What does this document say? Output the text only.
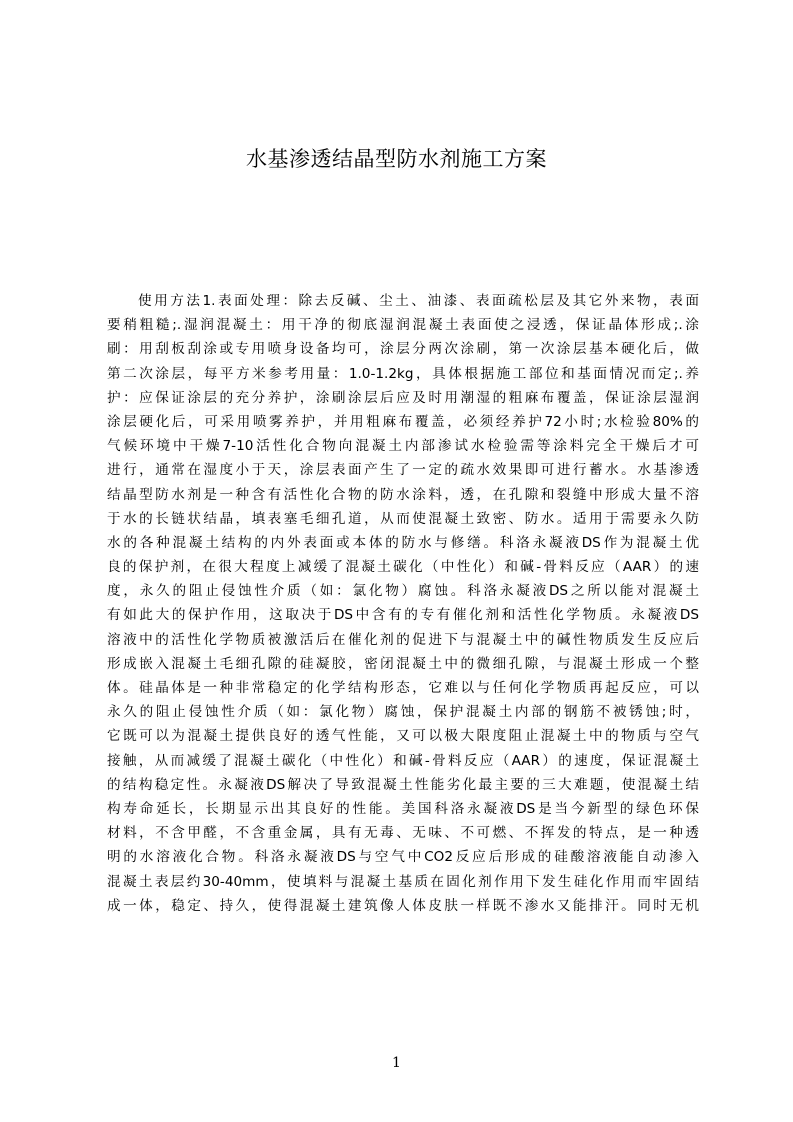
水基渗透结晶型防水剂施工方案
使用方法1.表面处理：除去反碱、尘土、油漆、表面疏松层及其它外来物，表面
要稍粗糙;.湿润混凝土：用干净的彻底湿润混凝土表面使之浸透，保证晶体形成;.涂
刷：用刮板刮涂或专用喷身设备均可，涂层分两次涂刷，第一次涂层基本硬化后，做
第二次涂层，每平方米参考用量：1.0-1.2kg，具体根据施工部位和基面情况而定;.养
护：应保证涂层的充分养护，涂刷涂层后应及时用潮湿的粗麻布覆盖，保证涂层湿润
涂层硬化后，可采用喷雾养护，并用粗麻布覆盖，必须经养护72小时;水检验80%的
气候环境中干燥7-10活性化合物向混凝土内部渗试水检验需等涂料完全干燥后才可
进行，通常在湿度小于天，涂层表面产生了一定的疏水效果即可进行蓄水。水基渗透
结晶型防水剂是一种含有活性化合物的防水涂料，透，在孔隙和裂缝中形成大量不溶
于水的长链状结晶，填表塞毛细孔道，从而使混凝土致密、防水。适用于需要永久防
水的各种混凝土结构的内外表面或本体的防水与修缮。科洛永凝液DS作为混凝土优
良的保护剂，在很大程度上减缓了混凝土碳化（中性化）和碱-骨料反应（AAR）的速
度，永久的阻止侵蚀性介质（如：氯化物）腐蚀。科洛永凝液DS之所以能对混凝土
有如此大的保护作用，这取决于DS中含有的专有催化剂和活性化学物质。永凝液DS
溶液中的活性化学物质被激活后在催化剂的促进下与混凝土中的碱性物质发生反应后
形成嵌入混凝土毛细孔隙的硅凝胶，密闭混凝土中的微细孔隙，与混凝土形成一个整
体。硅晶体是一种非常稳定的化学结构形态，它难以与任何化学物质再起反应，可以
永久的阻止侵蚀性介质（如：氯化物）腐蚀，保护混凝土内部的钢筋不被锈蚀;时，
它既可以为混凝土提供良好的透气性能，又可以极大限度阻止混凝土中的物质与空气
接触，从而减缓了混凝土碳化（中性化）和碱-骨料反应（AAR）的速度，保证混凝土
的结构稳定性。永凝液DS解决了导致混凝土性能劣化最主要的三大难题，使混凝土结
构寿命延长，长期显示出其良好的性能。美国科洛永凝液DS是当今新型的绿色环保
材料，不含甲醛，不含重金属，具有无毒、无味、不可燃、不挥发的特点，是一种透
明的水溶液化合物。科洛永凝液DS与空气中CO2反应后形成的硅酸溶液能自动渗入
混凝土表层约30-40mm，使填料与混凝土基质在固化剂作用下发生硅化作用而牢固结
成一体，稳定、持久，使得混凝土建筑像人体皮肤一样既不渗水又能排汗。同时无机
1
